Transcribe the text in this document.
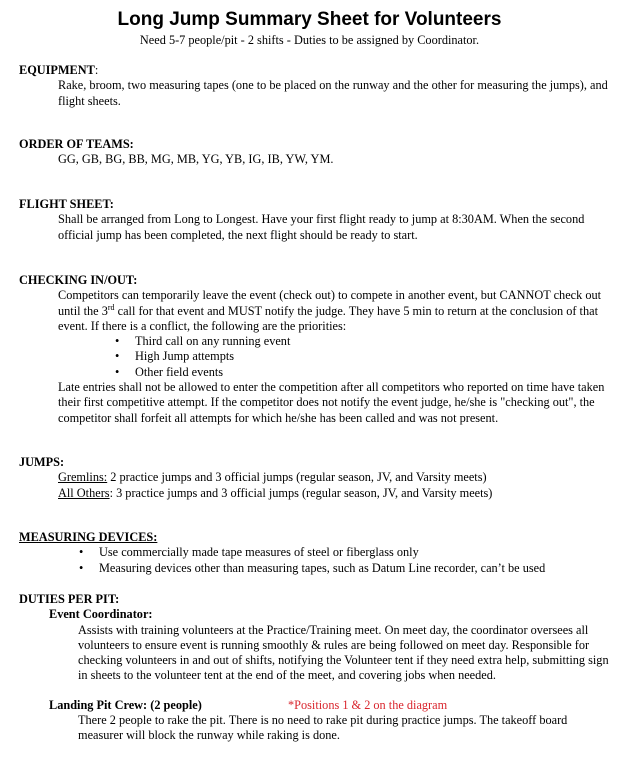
Long Jump Summary Sheet for Volunteers
Need 5-7 people/pit - 2 shifts - Duties to be assigned by Coordinator.
EQUIPMENT:
Rake, broom, two measuring tapes (one to be placed on the runway and the other for measuring the jumps), and flight sheets.
ORDER OF TEAMS:
GG, GB, BG, BB, MG, MB, YG, YB, IG, IB, YW, YM.
FLIGHT SHEET:
Shall be arranged from Long to Longest. Have your first flight ready to jump at 8:30AM. When the second official jump has been completed, the next flight should be ready to start.
CHECKING IN/OUT:
Competitors can temporarily leave the event (check out) to compete in another event, but CANNOT check out until the 3rd call for that event and MUST notify the judge. They have 5 min to return at the conclusion of that event. If there is a conflict, the following are the priorities:
• Third call on any running event
• High Jump attempts
• Other field events
Late entries shall not be allowed to enter the competition after all competitors who reported on time have taken their first competitive attempt. If the competitor does not notify the event judge, he/she is "checking out", the competitor shall forfeit all attempts for which he/she has been called and was not present.
JUMPS:
Gremlins: 2 practice jumps and 3 official jumps (regular season, JV, and Varsity meets)
All Others: 3 practice jumps and 3 official jumps (regular season, JV, and Varsity meets)
MEASURING DEVICES:
• Use commercially made tape measures of steel or fiberglass only
• Measuring devices other than measuring tapes, such as Datum Line recorder, can’t be used
DUTIES PER PIT:
Event Coordinator:
Assists with training volunteers at the Practice/Training meet. On meet day, the coordinator oversees all volunteers to ensure event is running smoothly & rules are being followed on meet day. Responsible for checking volunteers in and out of shifts, notifying the Volunteer tent if they need extra help, submitting sign in sheets to the volunteer tent at the end of the meet, and covering jobs when needed.
Landing Pit Crew: (2 people)	*Positions 1 & 2 on the diagram
There 2 people to rake the pit. There is no need to rake pit during practice jumps. The takeoff board measurer will block the runway while raking is done.
